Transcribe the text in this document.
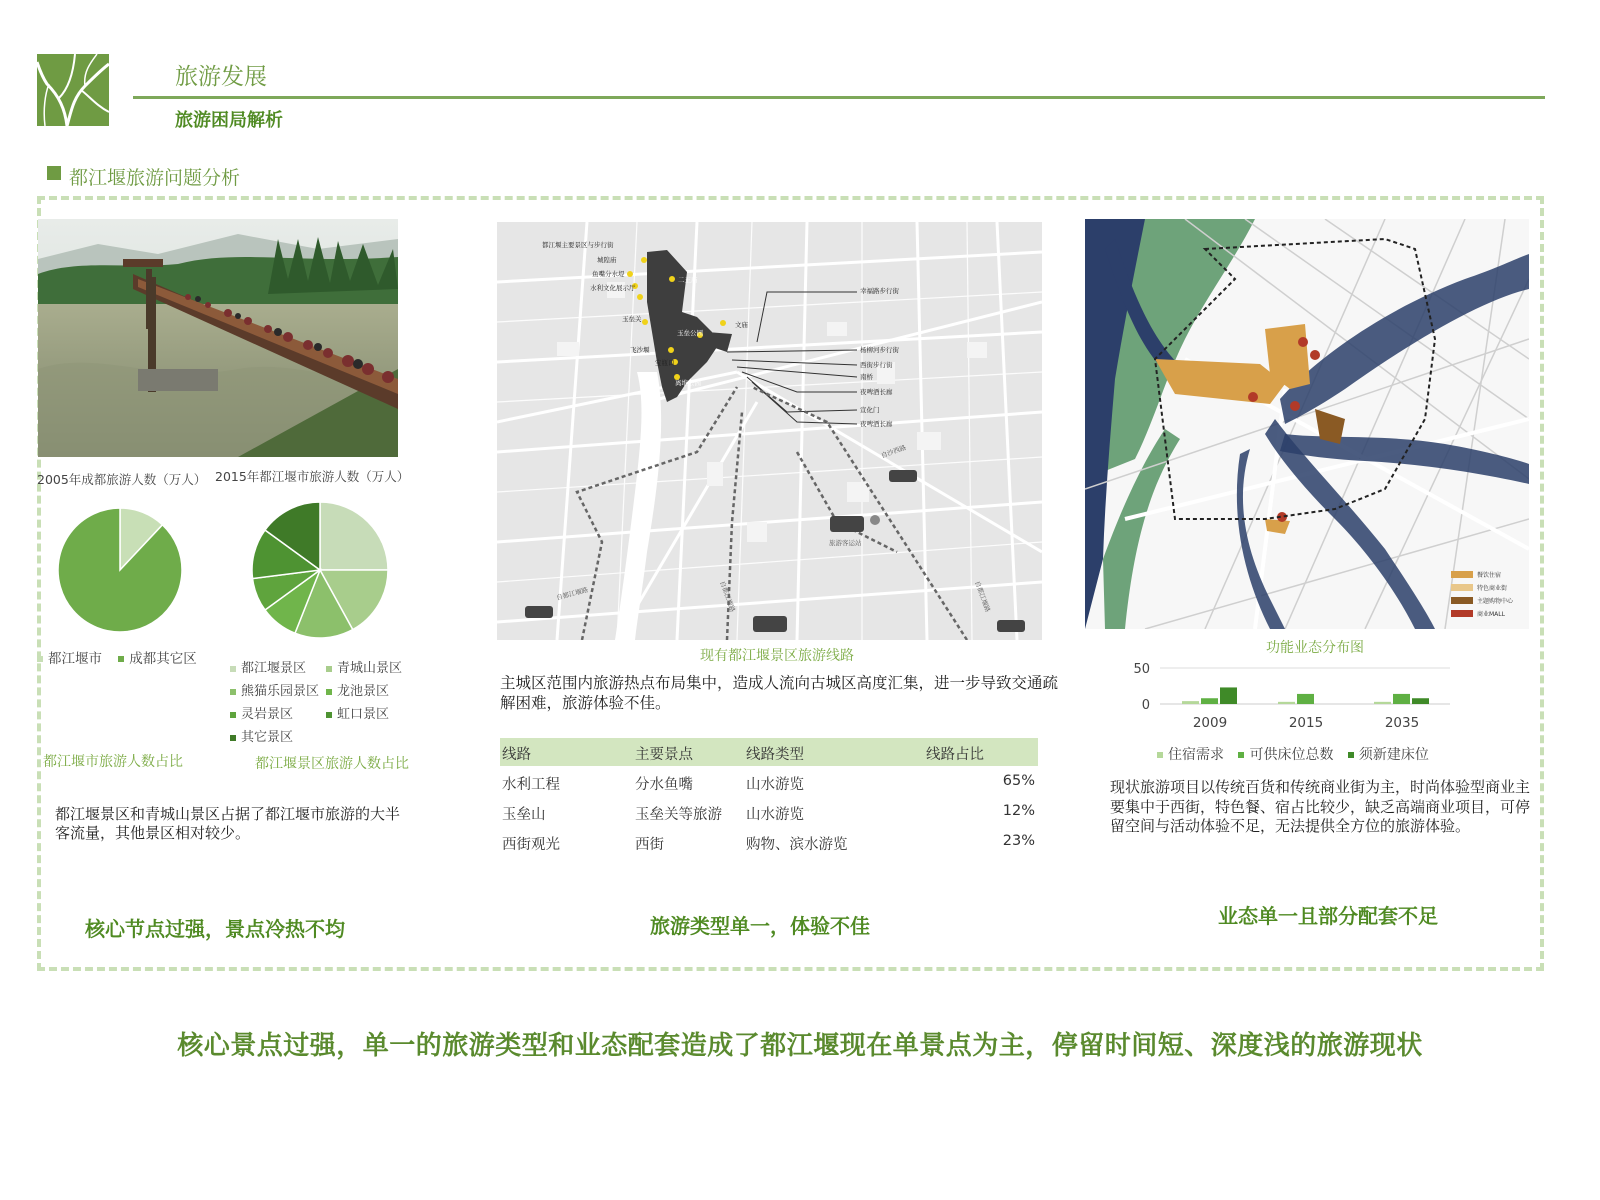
旅游发展
旅游困局解析
都江堰旅游问题分析
2005年成都旅游人数（万人） 2015年都江堰市旅游人数（万人）
都江堰市 成都其它区
都江堰景区 青城山景区
熊猫乐园景区 龙池景区
灵岩景区	虹口景区
其它景区
都江堰市旅游人数占比	都江堰景区旅游人数占比
都江堰景区和青城山景区占据了都江堰市旅游的大半客流量，其他景区相对较少。
核心节点过强，景点冷热不均
都江堰主要景区与步行街
城隍庙
鱼嘴分水堤
水利文化展示厅
玉垒关
二王庙
玉垒公园
文庙
飞沙堰
宝瓶口
离堆公园
幸福路步行街
杨柳河步行街
西街步行街
南桥
夜啤酒长廊
宣化门
夜啤酒长廊
自沙西路
自都江堰路
旅游客运站
自都江堰路	自都江堰路
现有都江堰景区旅游线路
主城区范围内旅游热点布局集中，造成人流向古城区高度汇集，进一步导致交通疏解困难，旅游体验不佳。
线路	主要景点	线路类型	线路占比
水利工程	分水鱼嘴	山水游览	65%
玉垒山	玉垒关等旅游 山水游览	12%
西街观光	西街	购物、滨水游览	23%
旅游类型单一，体验不佳
餐饮住宿
特色商业街
主题购物中心
商业MALL
功能业态分布图
50
0
2009	2015	2035
住宿需求 可供床位总数 须新建床位
现状旅游项目以传统百货和传统商业街为主，时尚体验型商业主要集中于西街，特色餐、宿占比较少，缺乏高端商业项目，可停留空间与活动体验不足，无法提供全方位的旅游体验。
业态单一且部分配套不足
核心景点过强，单一的旅游类型和业态配套造成了都江堰现在单景点为主，停留时间短、深度浅的旅游现状
